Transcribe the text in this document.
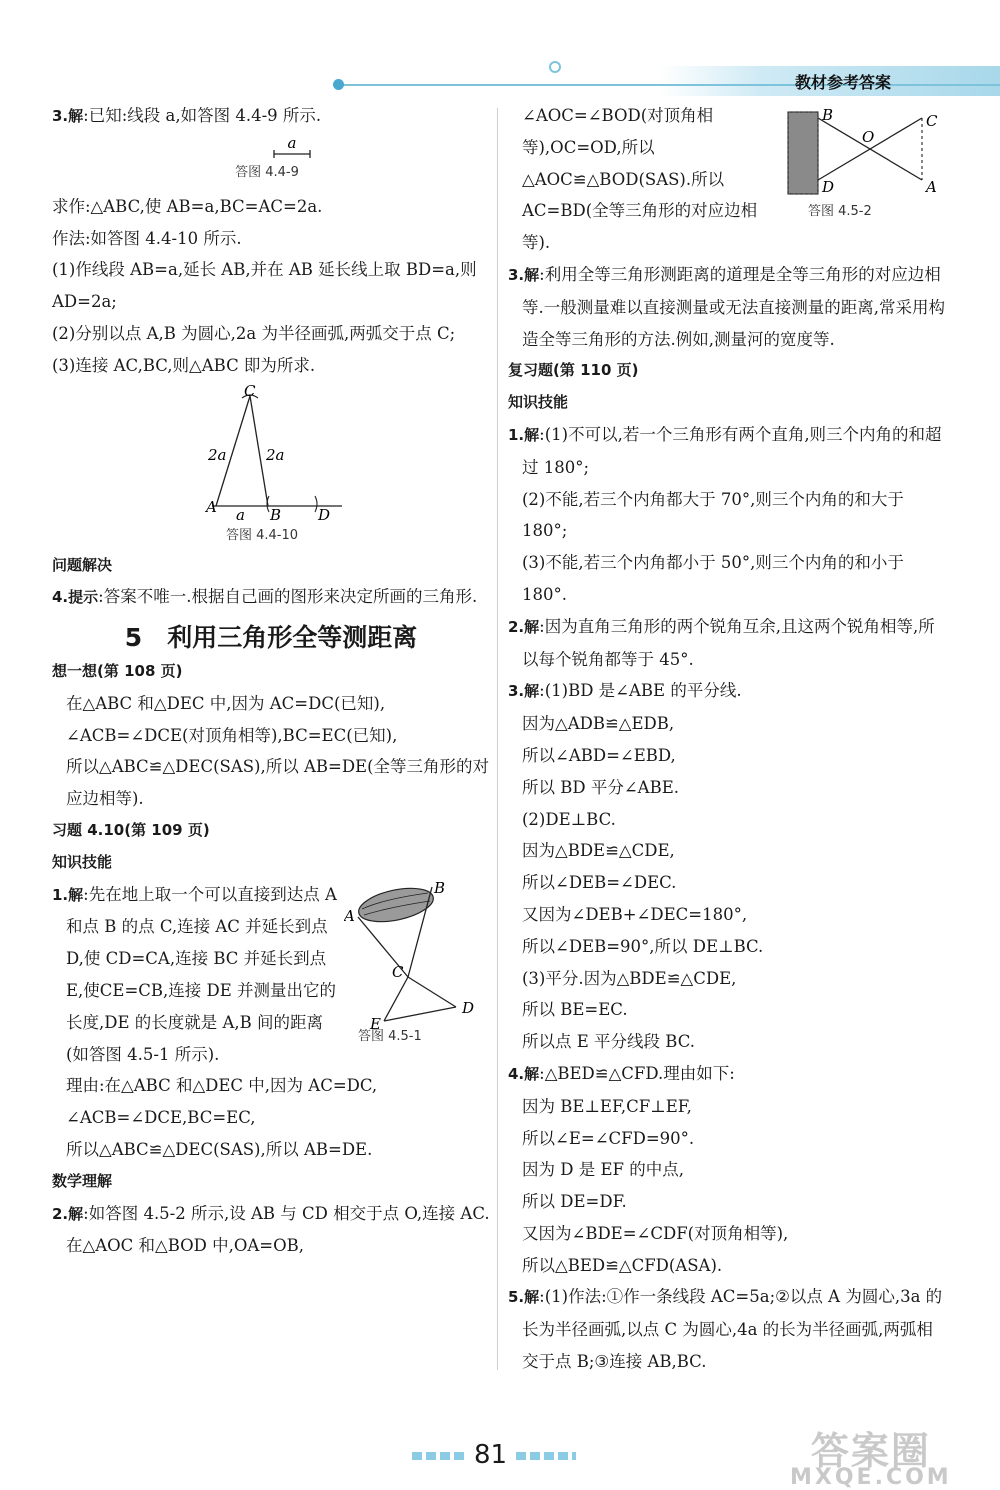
教材参考答案

3.解:已知:线段 a,如答图 4.4-9 所示.

a
答图 4.4-9

求作:△ABC,使 AB=a,BC=AC=2a.

作法:如答图 4.4-10 所示.

(1)作线段 AB=a,延长 AB,并在 AB 延长线上取 BD=a,则 AD=2a;

(2)分别以点 A,B 为圆心,2a 为半径画弧,两弧交于点 C;

(3)连接 AC,BC,则△ABC 即为所求.

C
A	B D
2a	2a
a
答图 4.4-10

问题解决

4.提示:答案不唯一.根据自己画的图形来决定所画的三角形.

5　利用三角形全等测距离

想一想(第 108 页)

在△ABC 和△DEC 中,因为 AC=DC(已知),

∠ACB=∠DCE(对顶角相等),BC=EC(已知),

所以△ABC≌△DEC(SAS),所以 AB=DE(全等三角形的对应边相等).

习题 4.10(第 109 页)

知识技能

1.解:先在地上取一个可以直接到达点 A 和点 B 的点 C,连接 AC 并延长到点 D,使 CD=CA,连接 BC 并延长到点 E,使CE=CB,连接 DE 并测量出它的长度,DE 的长度就是 A,B 间的距离(如答图 4.5-1 所示).

A
B
C
D
E
答图 4.5-1

理由:在△ABC 和△DEC 中,因为 AC=DC,

∠ACB=∠DCE,BC=EC,

所以△ABC≌△DEC(SAS),所以 AB=DE.

数学理解

2.解:如答图 4.5-2 所示,设 AB 与 CD 相交于点 O,连接 AC.在△AOC 和△BOD 中,OA=OB,

∠AOC=∠BOD(对顶角相等),OC=OD,所以△AOC≌△BOD(SAS).所以 AC=BD(全等三角形的对应边相等).

B
O
C
D	A
答图 4.5-2

3.解:利用全等三角形测距离的道理是全等三角形的对应边相等.一般测量难以直接测量或无法直接测量的距离,常采用构造全等三角形的方法.例如,测量河的宽度等.

复习题(第 110 页)

知识技能

1.解:(1)不可以,若一个三角形有两个直角,则三个内角的和超过 180°;

(2)不能,若三个内角都大于 70°,则三个内角的和大于 180°;

(3)不能,若三个内角都小于 50°,则三个内角的和小于 180°.

2.解:因为直角三角形的两个锐角互余,且这两个锐角相等,所以每个锐角都等于 45°.

3.解:(1)BD 是∠ABE 的平分线.

因为△ADB≌△EDB,

所以∠ABD=∠EBD,

所以 BD 平分∠ABE.

(2)DE⊥BC.

因为△BDE≌△CDE,

所以∠DEB=∠DEC.

又因为∠DEB+∠DEC=180°,

所以∠DEB=90°,所以 DE⊥BC.

(3)平分.因为△BDE≌△CDE,

所以 BE=EC.

所以点 E 平分线段 BC.

4.解:△BED≌△CFD.理由如下:

因为 BE⊥EF,CF⊥EF,

所以∠E=∠CFD=90°.

因为 D 是 EF 的中点,

所以 DE=DF.

又因为∠BDE=∠CDF(对顶角相等),

所以△BED≌△CFD(ASA).

5.解:(1)作法:①作一条线段 AC=5a;②以点 A 为圆心,3a 的长为半径画弧,以点 C 为圆心,4a 的长为半径画弧,两弧相交于点 B;③连接 AB,BC.

81	答案圈
MXQE.COM
